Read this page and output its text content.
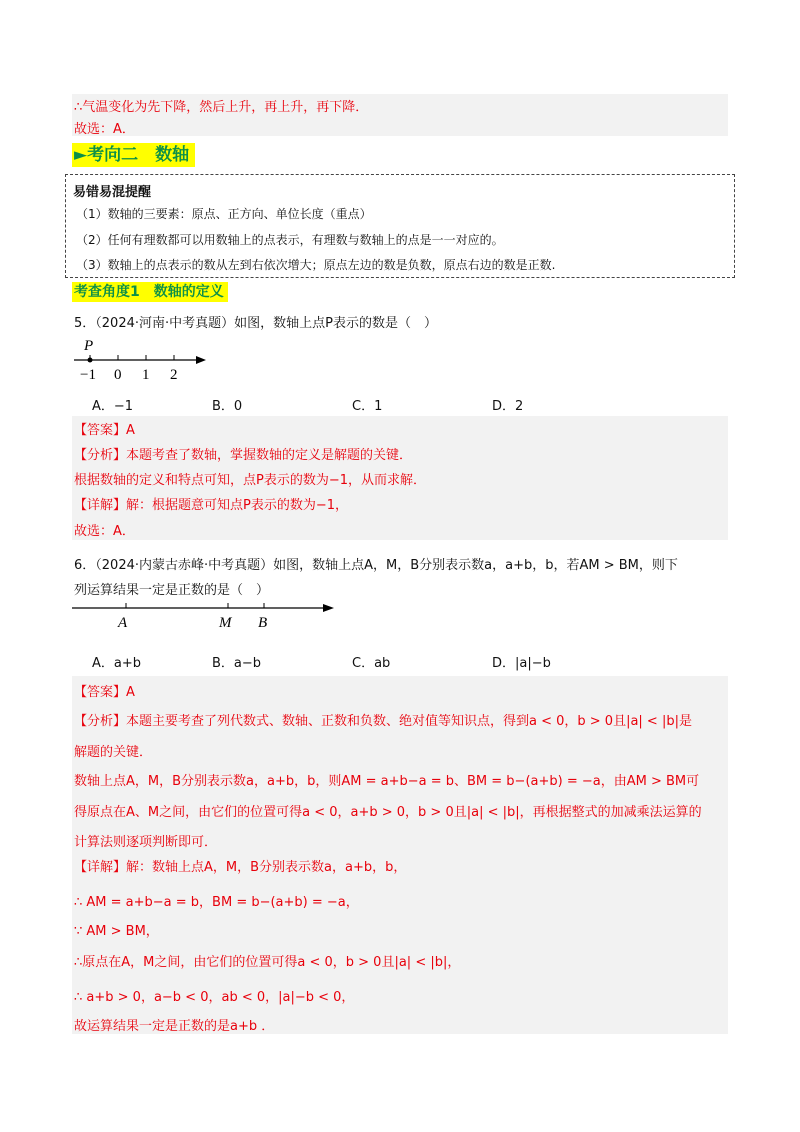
∴气温变化为先下降，然后上升，再上升，再下降．
故选：A．
►考向二　数轴
易错易混提醒
（1）数轴的三要素：原点、正方向、单位长度（重点）
（2）任何有理数都可以用数轴上的点表示，有理数与数轴上的点是一一对应的。
（3）数轴上的点表示的数从左到右依次增大；原点左边的数是负数，原点右边的数是正数.
考查角度1　数轴的定义
5．（2024·河南·中考真题）如图，数轴上点P表示的数是（　）
P
−1 0 1 2
A．−1	B．0	C．1	D．2
【答案】A
【分析】本题考查了数轴，掌握数轴的定义是解题的关键．
根据数轴的定义和特点可知，点P表示的数为−1，从而求解．
【详解】解：根据题意可知点P表示的数为−1，
故选：A．
6．（2024·内蒙古赤峰·中考真题）如图，数轴上点A，M，B分别表示数a，a+b，b，若AM > BM，则下
列运算结果一定是正数的是（　）
A	M B
A．a+b	B．a−b	C．ab	D．|a|−b
【答案】A
【分析】本题主要考查了列代数式、数轴、正数和负数、绝对值等知识点，得到a < 0，b > 0且|a| < |b|是
解题的关键．
数轴上点A，M，B分别表示数a，a+b，b，则AM = a+b−a = b、BM = b−(a+b) = −a，由AM > BM可
得原点在A、M之间，由它们的位置可得a < 0，a+b > 0，b > 0且|a| < |b|，再根据整式的加减乘法运算的
计算法则逐项判断即可．
【详解】解：数轴上点A，M，B分别表示数a，a+b，b，
∴ AM = a+b−a = b，BM = b−(a+b) = −a，
∵ AM > BM，
∴原点在A，M之间，由它们的位置可得a < 0，b > 0且|a| < |b|，
∴ a+b > 0，a−b < 0，ab < 0，|a|−b < 0，
故运算结果一定是正数的是a+b ．
